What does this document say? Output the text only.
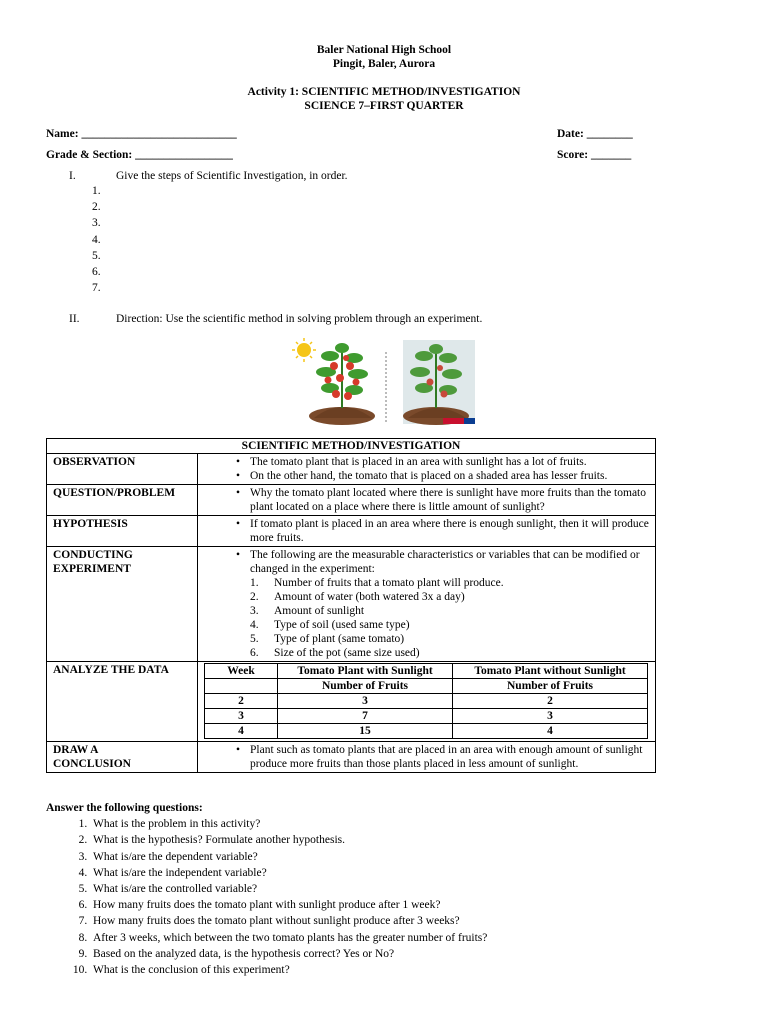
Baler National High School
Pingit, Baler, Aurora
Activity 1: SCIENTIFIC METHOD/INVESTIGATION
SCIENCE 7–FIRST QUARTER
Name: ___________________________	Date: ________
Grade & Section: _________________	Score: _______
I.	Give the steps of Scientific Investigation, in order.
1.
2.
3.
4.
5.
6.
7.
II.	Direction: Use the scientific method in solving problem through an experiment.
SCIENTIFIC METHOD/INVESTIGATION
OBSERVATION	• The tomato plant that is placed in an area with sunlight has a lot of fruits.
• On the other hand, the tomato that is placed on a shaded area has lesser fruits.

QUESTION/PROBLEM	• Why the tomato plant located where there is sunlight have more fruits than the tomato plant located on a place where there is little amount of sunlight?

HYPOTHESIS	• If tomato plant is placed in an area where there is enough sunlight, then it will produce more fruits.

CONDUCTING
EXPERIMENT

• The following are the measurable characteristics or variables that can be modified or changed in the experiment:
1.	Number of fruits that a tomato plant will produce.
2.	Amount of water (both watered 3x a day)
3.	Amount of sunlight
4.	Type of soil (used same type)
5.	Type of plant (same tomato)
6.	Size of the pot (same size used)

ANALYZE THE DATA		Week	Tomato Plant with Sunlight	Tomato Plant without Sunlight
	Number of Fruits	Number of Fruits
2	3	2
3	7	3
4	15	4

DRAW A
CONCLUSION

• Plant such as tomato plants that are placed in an area with enough amount of sunlight produce more fruits than those plants placed in less amount of sunlight.
Answer the following questions:
1. What is the problem in this activity?
2. What is the hypothesis? Formulate another hypothesis.
3. What is/are the dependent variable?
4. What is/are the independent variable?
5. What is/are the controlled variable?
6. How many fruits does the tomato plant with sunlight produce after 1 week?
7. How many fruits does the tomato plant without sunlight produce after 3 weeks?
8. After 3 weeks, which between the two tomato plants has the greater number of fruits?
9. Based on the analyzed data, is the hypothesis correct? Yes or No?
10. What is the conclusion of this experiment?
